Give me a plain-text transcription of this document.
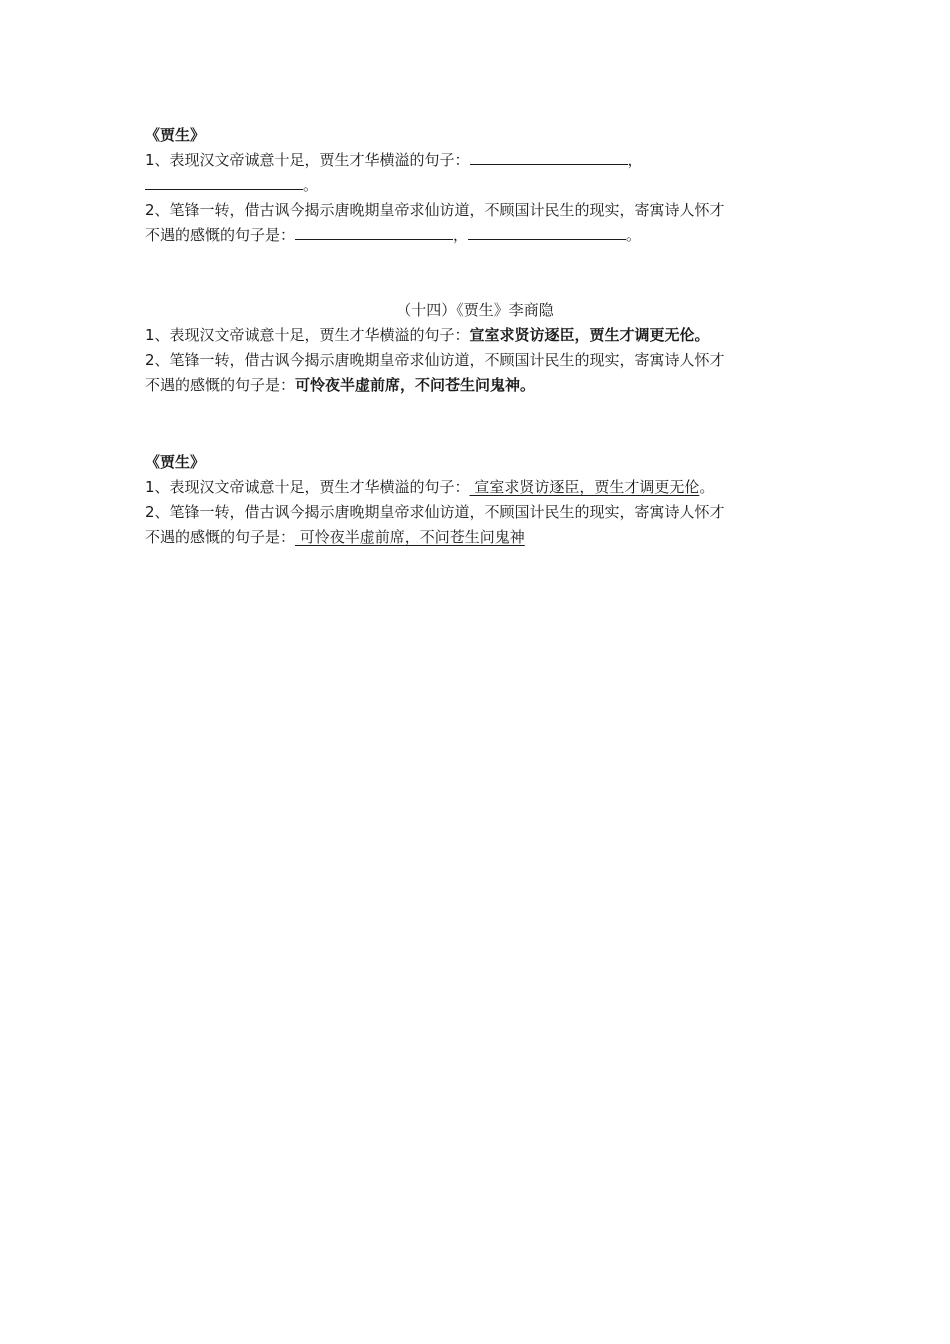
《贾生》
1、表现汉文帝诚意十足，贾生才华横溢的句子：	，
。
2、笔锋一转，借古讽今揭示唐晚期皇帝求仙访道，不顾国计民生的现实，寄寓诗人怀才
不遇的感慨的句子是：	，	。
（十四）《贾生》李商隐
1、表现汉文帝诚意十足，贾生才华横溢的句子：宣室求贤访逐臣，贾生才调更无伦。
2、笔锋一转，借古讽今揭示唐晚期皇帝求仙访道，不顾国计民生的现实，寄寓诗人怀才
不遇的感慨的句子是：可怜夜半虚前席，不问苍生问鬼神。
《贾生》
1、表现汉文帝诚意十足，贾生才华横溢的句子： 宣室求贤访逐臣，贾生才调更无伦。
2、笔锋一转，借古讽今揭示唐晚期皇帝求仙访道，不顾国计民生的现实，寄寓诗人怀才
不遇的感慨的句子是： 可怜夜半虚前席，不问苍生问鬼神
